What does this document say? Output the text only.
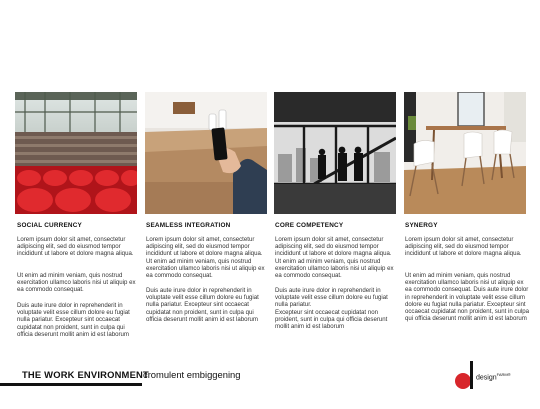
SOCIAL CURRENCY

Lorem ipsum dolor sit amet, consectetur adipiscing elit, sed do eiusmod tempor incididunt ut labore et dolore magna aliqua.

Ut enim ad minim veniam, quis nostrud exercitation ullamco laboris nisi ut aliquip ex ea commodo consequat.

Duis aute irure dolor in reprehenderit in voluptate velit esse cillum dolore eu fugiat nulla pariatur. Excepteur sint occaecat cupidatat non proident, sunt in culpa qui officia deserunt mollit anim id est laborum

SEAMLESS INTEGRATION

Lorem ipsum dolor sit amet, consectetur adipiscing elit, sed do eiusmod tempor incididunt ut labore et dolore magna aliqua. Ut enim ad minim veniam, quis nostrud exercitation ullamco laboris nisi ut aliquip ex ea commodo consequat.

Duis aute irure dolor in reprehenderit in voluptate velit esse cillum dolore eu fugiat nulla pariatur. Excepteur sint occaecat cupidatat non proident, sunt in culpa qui officia deserunt mollit anim id est laborum

CORE COMPETENCY

Lorem ipsum dolor sit amet, consectetur adipiscing elit, sed do eiusmod tempor incididunt ut labore et dolore magna aliqua. Ut enim ad minim veniam, quis nostrud exercitation ullamco laboris nisi ut aliquip ex ea commodo consequat.

Duis aute irure dolor in reprehenderit in voluptate velit esse cillum dolore eu fugiat nulla pariatur.

Excepteur sint occaecat cupidatat non proident, sunt in culpa qui officia deserunt mollit anim id est laborum

SYNERGY

Lorem ipsum dolor sit amet, consectetur adipiscing elit, sed do eiusmod tempor incididunt ut labore et dolore magna aliqua.

Ut enim ad minim veniam, quis nostrud exercitation ullamco laboris nisi ut aliquip ex ea commodo consequat. Duis aute irure dolor in reprehenderit in voluptate velit esse cillum dolore eu fugiat nulla pariatur. Excepteur sint occaecat cupidatat non proident, sunt in culpa qui officia deserunt mollit anim id est laborum

THE WORK ENVIRONMENT
cromulent embiggening	design$^{FARM®}$
